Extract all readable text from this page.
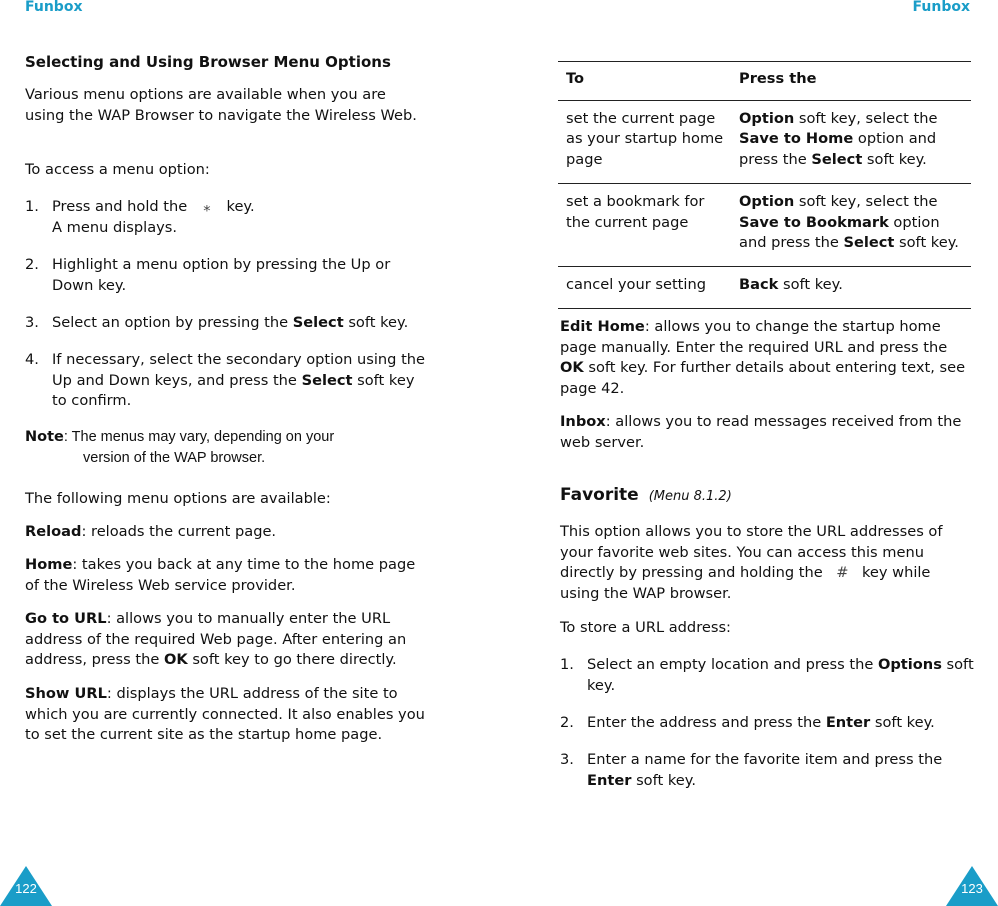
Funbox	Funbox
Selecting and Using Browser Menu Options
Various menu options are available when you are using the WAP Browser to navigate the Wireless Web.
To access a menu option:
1. Press and hold the ⁎ key.
A menu displays.
2. Highlight a menu option by pressing the Up or Down key.
3. Select an option by pressing the Select soft key.
4. If necessary, select the secondary option using the Up and Down keys, and press the Select soft key to confirm.
Note: The menus may vary, depending on your
version of the WAP browser.
The following menu options are available:
Reload: reloads the current page.
Home: takes you back at any time to the home page of the Wireless Web service provider.
Go to URL: allows you to manually enter the URL address of the required Web page. After entering an address, press the OK soft key to go there directly.
Show URL: displays the URL address of the site to which you are currently connected. It also enables you to set the current site as the startup home page.
To	Press the
set the current page as your startup home page	Option soft key, select the Save to Home option and press the Select soft key.
set a bookmark for the current page	Option soft key, select the Save to Bookmark option and press the Select soft key.
cancel your setting	Back soft key.
Edit Home: allows you to change the startup home page manually. Enter the required URL and press the OK soft key. For further details about entering text, see page 42.
Inbox: allows you to read messages received from the web server.
Favorite (Menu 8.1.2)
This option allows you to store the URL addresses of your favorite web sites. You can access this menu directly by pressing and holding the # key while using the WAP browser.
To store a URL address:
1. Select an empty location and press the Options soft key.
2. Enter the address and press the Enter soft key.
3. Enter a name for the favorite item and press the Enter soft key.
122	123
